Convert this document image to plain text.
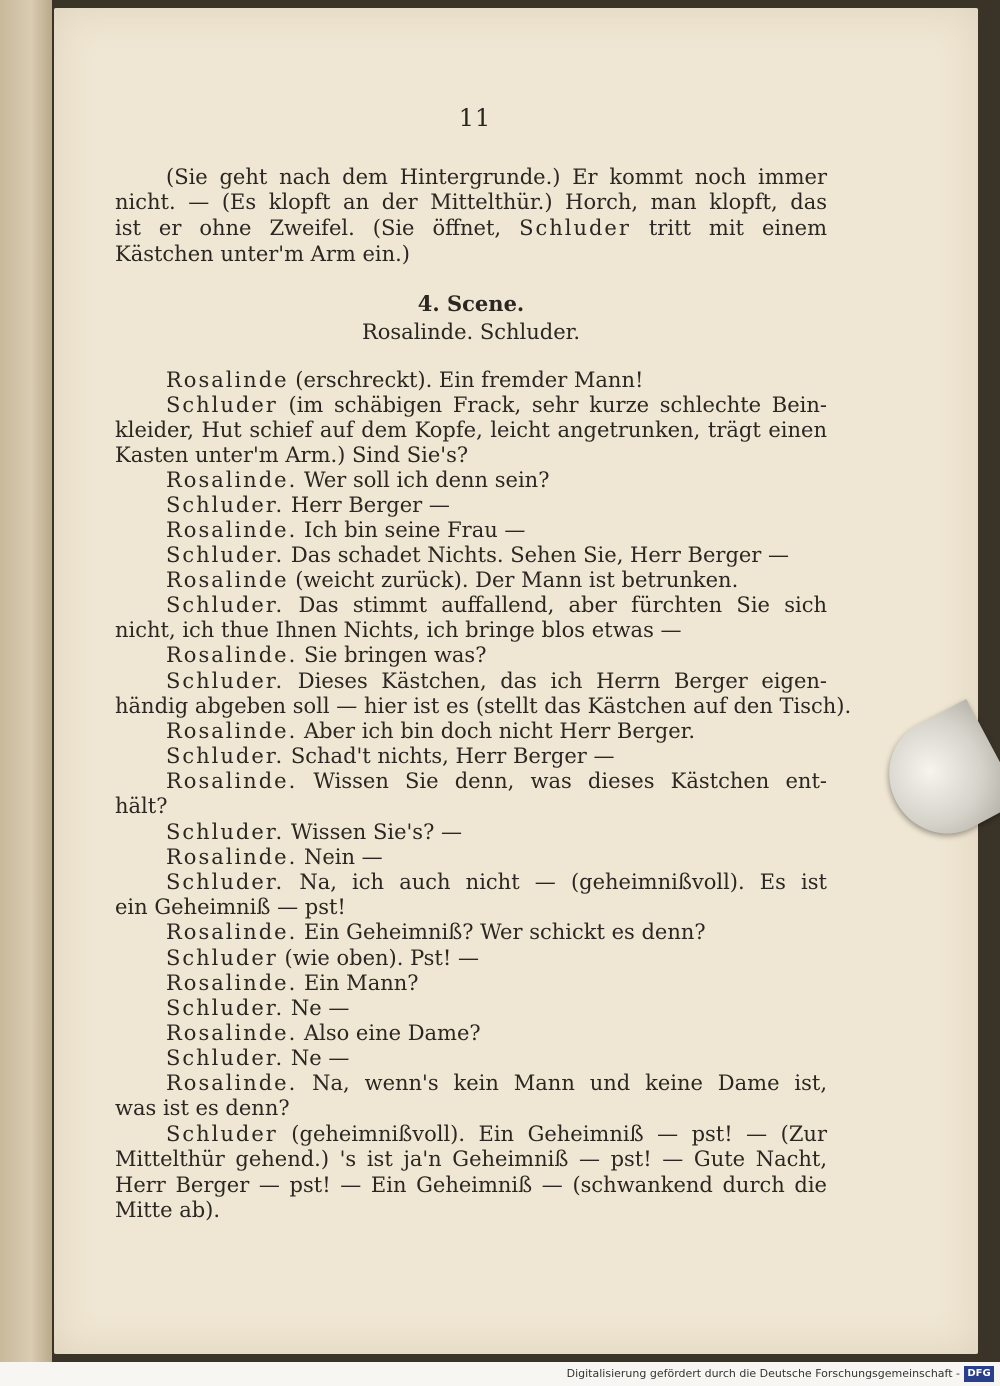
11
(Sie geht nach dem Hintergrunde.) Er kommt noch immer
nicht. — (Es klopft an der Mittelthür.) Horch, man klopft, das
ist er ohne Zweifel. (Sie öffnet, Schluder tritt mit einem
Kästchen unter'm Arm ein.)
4. Scene.
Rosalinde. Schluder.
Rosalinde (erschreckt). Ein fremder Mann!
Schluder (im schäbigen Frack, sehr kurze schlechte Bein-
kleider, Hut schief auf dem Kopfe, leicht angetrunken, trägt einen
Kasten unter'm Arm.) Sind Sie's?
Rosalinde. Wer soll ich denn sein?
Schluder. Herr Berger —
Rosalinde. Ich bin seine Frau —
Schluder. Das schadet Nichts. Sehen Sie, Herr Berger —
Rosalinde (weicht zurück). Der Mann ist betrunken.
Schluder. Das stimmt auffallend, aber fürchten Sie sich
nicht, ich thue Ihnen Nichts, ich bringe blos etwas —
Rosalinde. Sie bringen was?
Schluder. Dieses Kästchen, das ich Herrn Berger eigen-
händig abgeben soll — hier ist es (stellt das Kästchen auf den Tisch).
Rosalinde. Aber ich bin doch nicht Herr Berger.
Schluder. Schad't nichts, Herr Berger —
Rosalinde. Wissen Sie denn, was dieses Kästchen ent-
hält?
Schluder. Wissen Sie's? —
Rosalinde. Nein —
Schluder. Na, ich auch nicht — (geheimnißvoll). Es ist
ein Geheimniß — pst!
Rosalinde. Ein Geheimniß? Wer schickt es denn?
Schluder (wie oben). Pst! —
Rosalinde. Ein Mann?
Schluder. Ne —
Rosalinde. Also eine Dame?
Schluder. Ne —
Rosalinde. Na, wenn's kein Mann und keine Dame ist,
was ist es denn?
Schluder (geheimnißvoll). Ein Geheimniß — pst! — (Zur
Mittelthür gehend.) 's ist ja'n Geheimniß — pst! — Gute Nacht,
Herr Berger — pst! — Ein Geheimniß — (schwankend durch die
Mitte ab).
Digitalisierung gefördert durch die Deutsche Forschungsgemeinschaft - DFG
